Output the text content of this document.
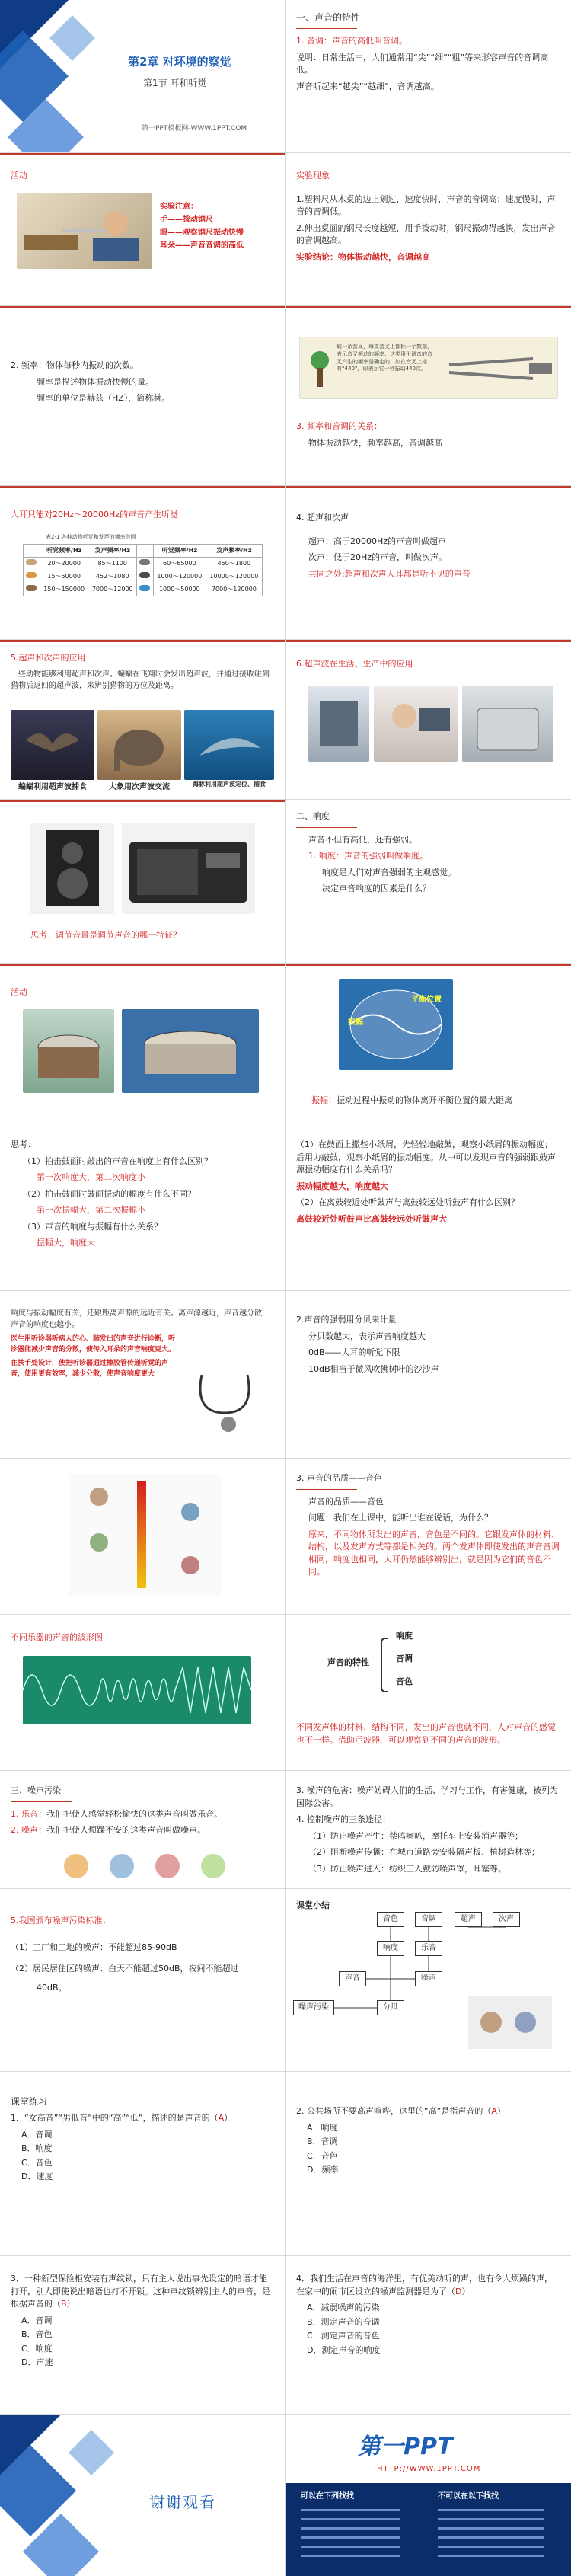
第2章 对环境的察觉
第1节 耳和听觉
第一PPT模板网-WWW.1PPT.COM
一、声音的特性
1. 音调：声音的高低叫音调。
说明：日常生活中，人们通常用“尖”“细”“粗”等来形容声音的音调高低。
声音听起来“越尖”“越细”，音调越高。
活动
实验注意：
手——拨动钢尺
眼——观察钢尺振动快慢
耳朵——声音音调的高低
实验现象
1.塑料尺从木桌的边上划过，速度快时，声音的音调高；速度慢时，声音的音调低。
2.伸出桌面的钢尺长度越短，用手拨动时，钢尺振动得越快，发出声音的音调越高。
实验结论：物体振动越快，音调越高
2. 频率：物体每秒内振动的次数。
频率是描述物体振动快慢的量。
频率的单位是赫兹（HZ），简称赫。
取一条音叉，每支音叉上都标一个数据，表示音叉振动的频率。这类用于调音的音叉产生的频率是确定的，如在音叉上标有“440”，即表示它一秒振动440次。
3. 频率和音调的关系：
物体振动越快，频率越高，音调越高
人耳只能对20Hz～20000Hz的声音产生听觉
表2-1 各种动物听觉和发声的频率范围
	听觉频率/Hz	发声频率/Hz		听觉频率/Hz	发声频率/Hz
	20～20000	85～1100		60～65000	450～1800
	15～50000	452～1080		1000～120000	10000～120000
	150～150000	7000～12000		1000～50000	7000～120000
4. 超声和次声
超声：高于20000Hz的声音叫做超声
次声：低于20Hz的声音，叫做次声。
共同之处:超声和次声人耳都是听不见的声音
5.超声和次声的应用
一些动物能够利用超声和次声。蝙蝠在飞翔时会发出超声波，并通过接收碰到猎物后返回的超声波，来辨别猎物的方位及距离。
蝙蝠利用超声波捕食	大象用次声波交流	海豚利用超声波定位、捕食
6.超声波在生活、生产中的应用
思考：调节音量是调节声音的哪一特征？
二、响度
声音不但有高低，还有强弱。
1. 响度：声音的强弱叫做响度。
响度是人们对声音强弱的主观感觉。
决定声音响度的因素是什么？
活动
振幅
平衡位置
振幅：振动过程中振动的物体离开平衡位置的最大距离
思考：
（1）拍击鼓面时敲出的声音在响度上有什么区别？
第一次响度大，第二次响度小
（2）拍击鼓面时鼓面振动的幅度有什么不同？
第一次振幅大，第二次振幅小
（3）声音的响度与振幅有什么关系？
振幅大，响度大
（1）在鼓面上撒些小纸屑，先轻轻地敲鼓，观察小纸屑的振动幅度；后用力敲鼓，观察小纸屑的振动幅度。从中可以发现声音的强弱跟鼓声源振动幅度有什么关系吗？
振动幅度越大，响度越大
（2）在离鼓较近处听鼓声与离鼓较远处听鼓声有什么区别？
离鼓较近处听鼓声比离鼓较远处听鼓声大
响度与振动幅度有关，还跟距离声源的远近有关。离声源越近，声音越分散，声音的响度也越小。
医生用听诊器听病人的心、肺发出的声音进行诊断，听诊器能减少声音的分散，使传入耳朵的声音响度更大。
在扶手处设计，使把听诊器通过橡胶管传递听觉的声音，使用更有效率，减少分散，使声音响度更大
2.声音的强弱用分贝来计量
分贝数越大，表示声音响度越大
0dB——人耳的听觉下限
10dB相当于微风吹拂树叶的沙沙声
3. 声音的品质——音色
声音的品质——音色
问题：我们在上课中，能听出谁在说话，为什么？
原来，不同物体所发出的声音，音色是不同的。它跟发声体的材料、结构，以及发声方式等都是相关的。两个发声体即使发出的声音音调相同，响度也相同，人耳仍然能够辨别出，就是因为它们的音色不同。
不同乐器的声音的波形图
声音的特性
响度
音调
音色
不同发声体的材料、结构不同，发出的声音也就不同，人对声音的感觉也不一样。借助示波器，可以观察到不同的声音的波形。
三、噪声污染
1. 乐音：我们把使人感觉轻松愉快的这类声音叫做乐音。
2. 噪声：我们把使人烦躁不安的这类声音叫做噪声。
3. 噪声的危害：噪声妨碍人们的生活、学习与工作，有害健康，被列为国际公害。
4. 控制噪声的三条途径：
（1）防止噪声产生：禁鸣喇叭，摩托车上安装消声器等；
（2）阻断噪声传播：在城市道路旁安装隔声板、植树造林等；
（3）防止噪声进入：纺织工人戴防噪声罩，耳塞等。
5.我国颁布噪声污染标准：
（1）工厂和工地的噪声：不能超过85-90dB
（2）居民居住区的噪声：白天不能超过50dB，夜间不能超过
40dB。
课堂小结
音色	音调	超声	次声
响度	乐音
声音
噪声污染
噪声
分贝
课堂练习
1．“女高音”“男低音”中的“高”“低”，描述的是声音的（A）
A．音调
B．响度
C．音色
D．速度
2. 公共场所不要高声喧哗，这里的“高”是指声音的（A）
A．响度
B．音调
C．音色
D．频率
3．一种新型保险柜安装有声纹锁，只有主人说出事先设定的暗语才能打开，别人即使说出暗语也打不开锁。这种声纹锁辨别主人的声音，是根据声音的（B）
A．音调
B．音色
C．响度
D．声速
4．我们生活在声音的海洋里，有优美动听的声，也有令人烦躁的声，在家中的闹市区设立的噪声监测器是为了（D）
A．减弱噪声的污染
B．测定声音的音调
C．测定声音的音色
D．测定声音的响度
谢谢观看
第一PPT
HTTP://WWW.1PPT.COM
可以在下列找找	不可以在以下找找
